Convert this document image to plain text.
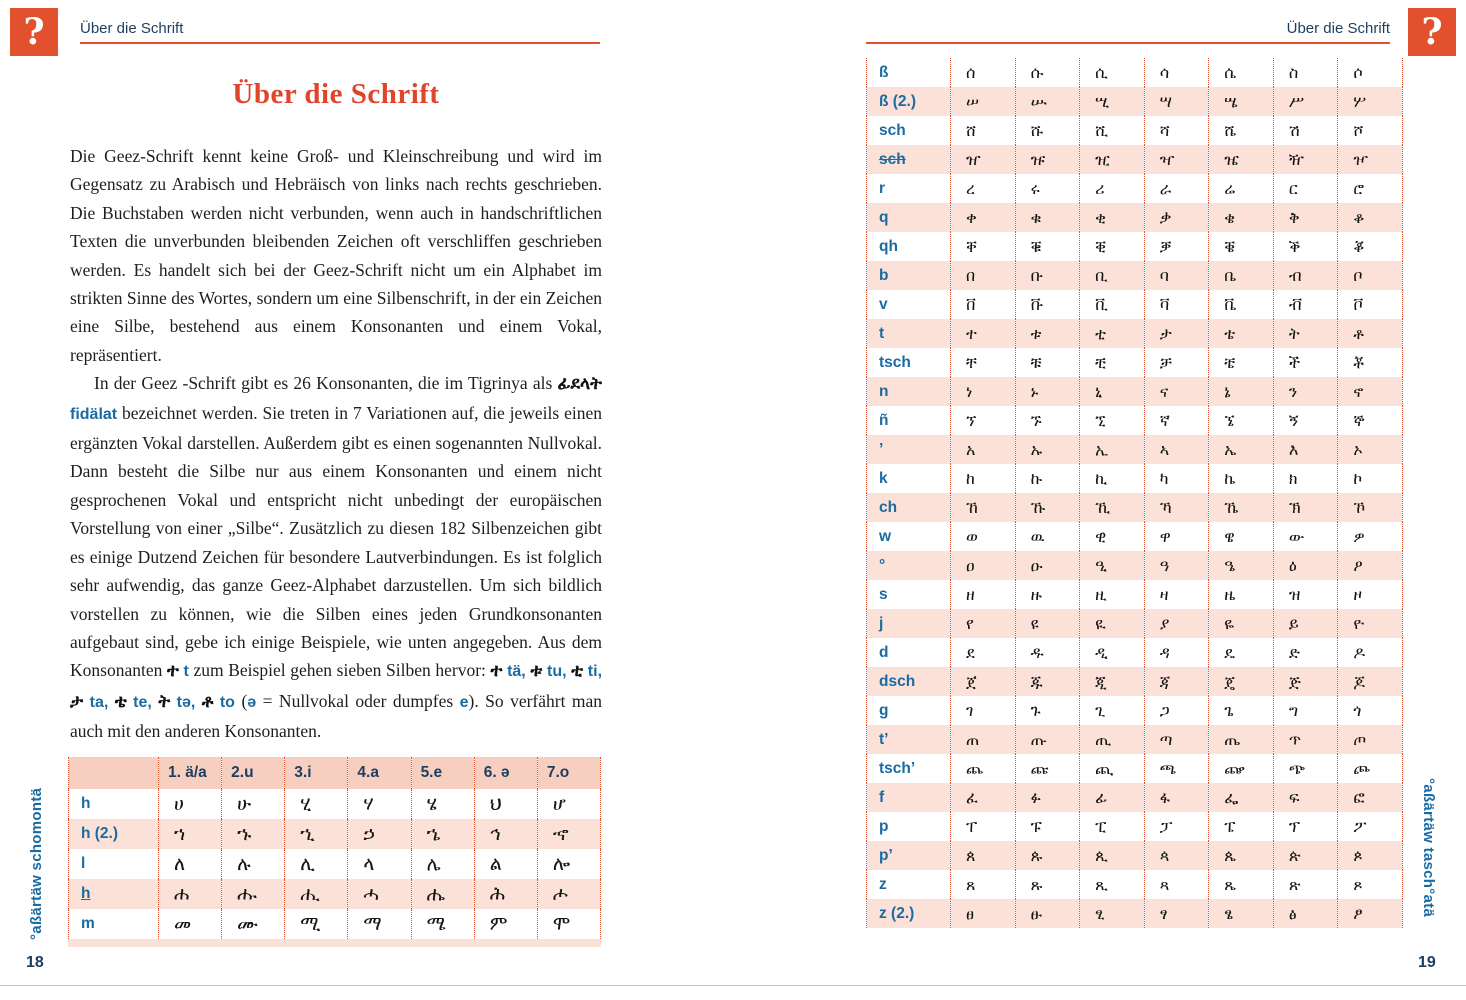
?	Über die Schrift
Über die Schrift

Die Geez-Schrift kennt keine Groß- und Kleinschreibung und wird im Gegensatz zu Arabisch und Hebräisch von links nach rechts geschrieben. Die Buchstaben werden nicht verbunden, wenn auch in handschriftlichen Texten die unverbunden bleibenden Zeichen oft verschliffen geschrieben werden. Es handelt sich bei der Geez-Schrift nicht um ein Alphabet im strikten Sinne des Wortes, sondern um eine Silbenschrift, in der ein Zeichen eine Silbe, bestehend aus einem Konsonanten und einem Vokal, repräsentiert.

In der Geez -Schrift gibt es 26 Konsonanten, die im Tigrinya als ፊደላት fidälat bezeichnet werden. Sie treten in 7 Variationen auf, die jeweils einen ergänzten Vokal darstellen. Außerdem gibt es einen sogenannten Nullvokal. Dann besteht die Silbe nur aus einem Konsonanten und einem nicht gesprochenen Vokal und entspricht nicht unbedingt der europäischen Vorstellung von einer „Silbe“. Zusätzlich zu diesen 182 Silbenzeichen gibt es einige Dutzend Zeichen für besondere Lautverbindungen. Es ist folglich sehr aufwendig, das ganze Geez-Alphabet darzustellen. Um sich bildlich vorstellen zu können, wie die Silben eines jeden Grundkonsonanten aufgebaut sind, gebe ich einige Beispiele, wie unten angegeben. Aus dem Konsonanten ተ t zum Beispiel gehen sieben Silben hervor: ተ tä, ቱ tu, ቲ ti, ታ ta, ቴ te, ት tə, ቶ to (ə = Nullvokal oder dumpfes e). So verfährt man auch mit den anderen Konsonanten.

	1. ä/a	2.u	3.i	4.a	5.e	6. ə	7.o
h	ሀ	ሁ	ሂ	ሃ	ሄ	ህ	ሆ
h (2.)	ኀ	ኁ	ኂ	ኃ	ኄ	ኅ	ኆ
l	ለ	ሉ	ሊ	ላ	ሌ	ል	ሎ
h	ሐ	ሑ	ሒ	ሓ	ሔ	ሕ	ሖ
m	መ	ሙ	ሚ	ማ	ሜ	ም	ሞ
°aßärtäw schomontä
18
?
Über die Schrift
ß	ሰ	ሱ	ሲ	ሳ	ሴ	ስ	ሶ
ß (2.)	ሠ	ሡ	ሢ	ሣ	ሤ	ሥ	ሦ
sch	ሸ	ሹ	ሺ	ሻ	ሼ	ሽ	ሾ
sch	ዠ	ዡ	ዢ	ዣ	ዤ	ዥ	ዦ
r	ረ	ሩ	ሪ	ራ	ሬ	ር	ሮ
q	ቀ	ቁ	ቂ	ቃ	ቄ	ቅ	ቆ
qh	ቐ	ቑ	ቒ	ቓ	ቔ	ቕ	ቖ
b	በ	ቡ	ቢ	ባ	ቤ	ብ	ቦ
v	ቨ	ቩ	ቪ	ቫ	ቬ	ቭ	ቮ
t	ተ	ቱ	ቲ	ታ	ቴ	ት	ቶ
tsch	ቸ	ቹ	ቺ	ቻ	ቼ	ች	ቾ
n	ነ	ኑ	ኒ	ና	ኔ	ን	ኖ
ñ	ኘ	ኙ	ኚ	ኛ	ኜ	ኝ	ኞ
’	አ	ኡ	ኢ	ኣ	ኤ	እ	ኦ
k	ከ	ኩ	ኪ	ካ	ኬ	ክ	ኮ
ch	ኸ	ኹ	ኺ	ኻ	ኼ	ኽ	ኾ
w	ወ	ዉ	ዊ	ዋ	ዌ	ው	ዎ
°	ዐ	ዑ	ዒ	ዓ	ዔ	ዕ	ዖ
s	ዘ	ዙ	ዚ	ዛ	ዜ	ዝ	ዞ
j	የ	ዩ	ዪ	ያ	ዬ	ይ	ዮ
d	ደ	ዱ	ዲ	ዳ	ዴ	ድ	ዶ
dsch	ጀ	ጁ	ጂ	ጃ	ጄ	ጅ	ጆ
g	ገ	ጉ	ጊ	ጋ	ጌ	ግ	ጎ
t’	ጠ	ጡ	ጢ	ጣ	ጤ	ጥ	ጦ
tsch’	ጨ	ጩ	ጪ	ጫ	ጬ	ጭ	ጮ
f	ፈ	ፉ	ፊ	ፋ	ፌ	ፍ	ፎ
p	ፐ	ፑ	ፒ	ፓ	ፔ	ፕ	ፖ
p’	ጰ	ጱ	ጲ	ጳ	ጴ	ጵ	ጶ
z	ጸ	ጹ	ጺ	ጻ	ጼ	ጽ	ጾ
z (2.)	ፀ	ፁ	ፂ	ፃ	ፄ	ፅ	ፆ	°aßärtäw tasch°atä
19
